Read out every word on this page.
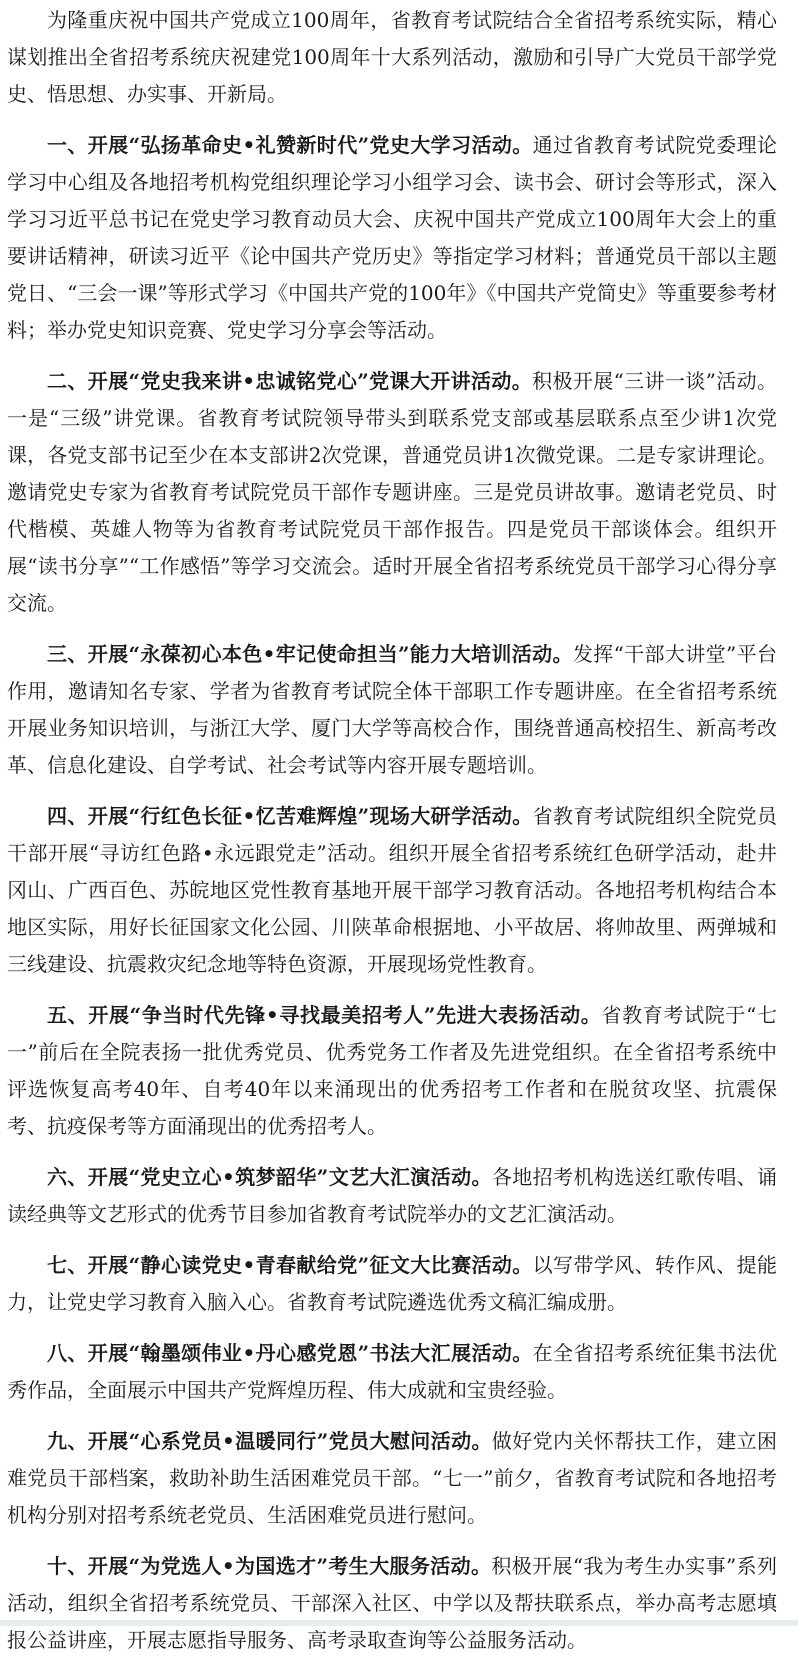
为隆重庆祝中国共产党成立100周年，省教育考试院结合全省招考系统实际，精心谋划推出全省招考系统庆祝建党100周年十大系列活动，激励和引导广大党员干部学党史、悟思想、办实事、开新局。

一、开展“弘扬革命史•礼赞新时代”党史大学习活动。通过省教育考试院党委理论学习中心组及各地招考机构党组织理论学习小组学习会、读书会、研讨会等形式，深入学习习近平总书记在党史学习教育动员大会、庆祝中国共产党成立100周年大会上的重要讲话精神，研读习近平《论中国共产党历史》等指定学习材料；普通党员干部以主题党日、“三会一课”等形式学习《中国共产党的100年》《中国共产党简史》等重要参考材料；举办党史知识竞赛、党史学习分享会等活动。

二、开展“党史我来讲•忠诚铭党心”党课大开讲活动。积极开展“三讲一谈”活动。一是“三级”讲党课。省教育考试院领导带头到联系党支部或基层联系点至少讲1次党课，各党支部书记至少在本支部讲2次党课，普通党员讲1次微党课。二是专家讲理论。邀请党史专家为省教育考试院党员干部作专题讲座。三是党员讲故事。邀请老党员、时代楷模、英雄人物等为省教育考试院党员干部作报告。四是党员干部谈体会。组织开展“读书分享”“工作感悟”等学习交流会。适时开展全省招考系统党员干部学习心得分享交流。

三、开展“永葆初心本色•牢记使命担当”能力大培训活动。发挥“干部大讲堂”平台作用，邀请知名专家、学者为省教育考试院全体干部职工作专题讲座。在全省招考系统开展业务知识培训，与浙江大学、厦门大学等高校合作，围绕普通高校招生、新高考改革、信息化建设、自学考试、社会考试等内容开展专题培训。

四、开展“行红色长征•忆苦难辉煌”现场大研学活动。省教育考试院组织全院党员干部开展“寻访红色路•永远跟党走”活动。组织开展全省招考系统红色研学活动，赴井冈山、广西百色、苏皖地区党性教育基地开展干部学习教育活动。各地招考机构结合本地区实际，用好长征国家文化公园、川陕革命根据地、小平故居、将帅故里、两弹城和三线建设、抗震救灾纪念地等特色资源，开展现场党性教育。

五、开展“争当时代先锋•寻找最美招考人”先进大表扬活动。省教育考试院于“七一”前后在全院表扬一批优秀党员、优秀党务工作者及先进党组织。在全省招考系统中评选恢复高考40年、自考40年以来涌现出的优秀招考工作者和在脱贫攻坚、抗震保考、抗疫保考等方面涌现出的优秀招考人。

六、开展“党史立心•筑梦韶华”文艺大汇演活动。各地招考机构选送红歌传唱、诵读经典等文艺形式的优秀节目参加省教育考试院举办的文艺汇演活动。

七、开展“静心读党史•青春献给党”征文大比赛活动。以写带学风、转作风、提能力，让党史学习教育入脑入心。省教育考试院遴选优秀文稿汇编成册。

八、开展“翰墨颂伟业•丹心感党恩”书法大汇展活动。在全省招考系统征集书法优秀作品，全面展示中国共产党辉煌历程、伟大成就和宝贵经验。

九、开展“心系党员•温暖同行”党员大慰问活动。做好党内关怀帮扶工作，建立困难党员干部档案，救助补助生活困难党员干部。“七一”前夕，省教育考试院和各地招考机构分别对招考系统老党员、生活困难党员进行慰问。

十、开展“为党选人•为国选才”考生大服务活动。积极开展“我为考生办实事”系列活动，组织全省招考系统党员、干部深入社区、中学以及帮扶联系点，举办高考志愿填报公益讲座，开展志愿指导服务、高考录取查询等公益服务活动。
